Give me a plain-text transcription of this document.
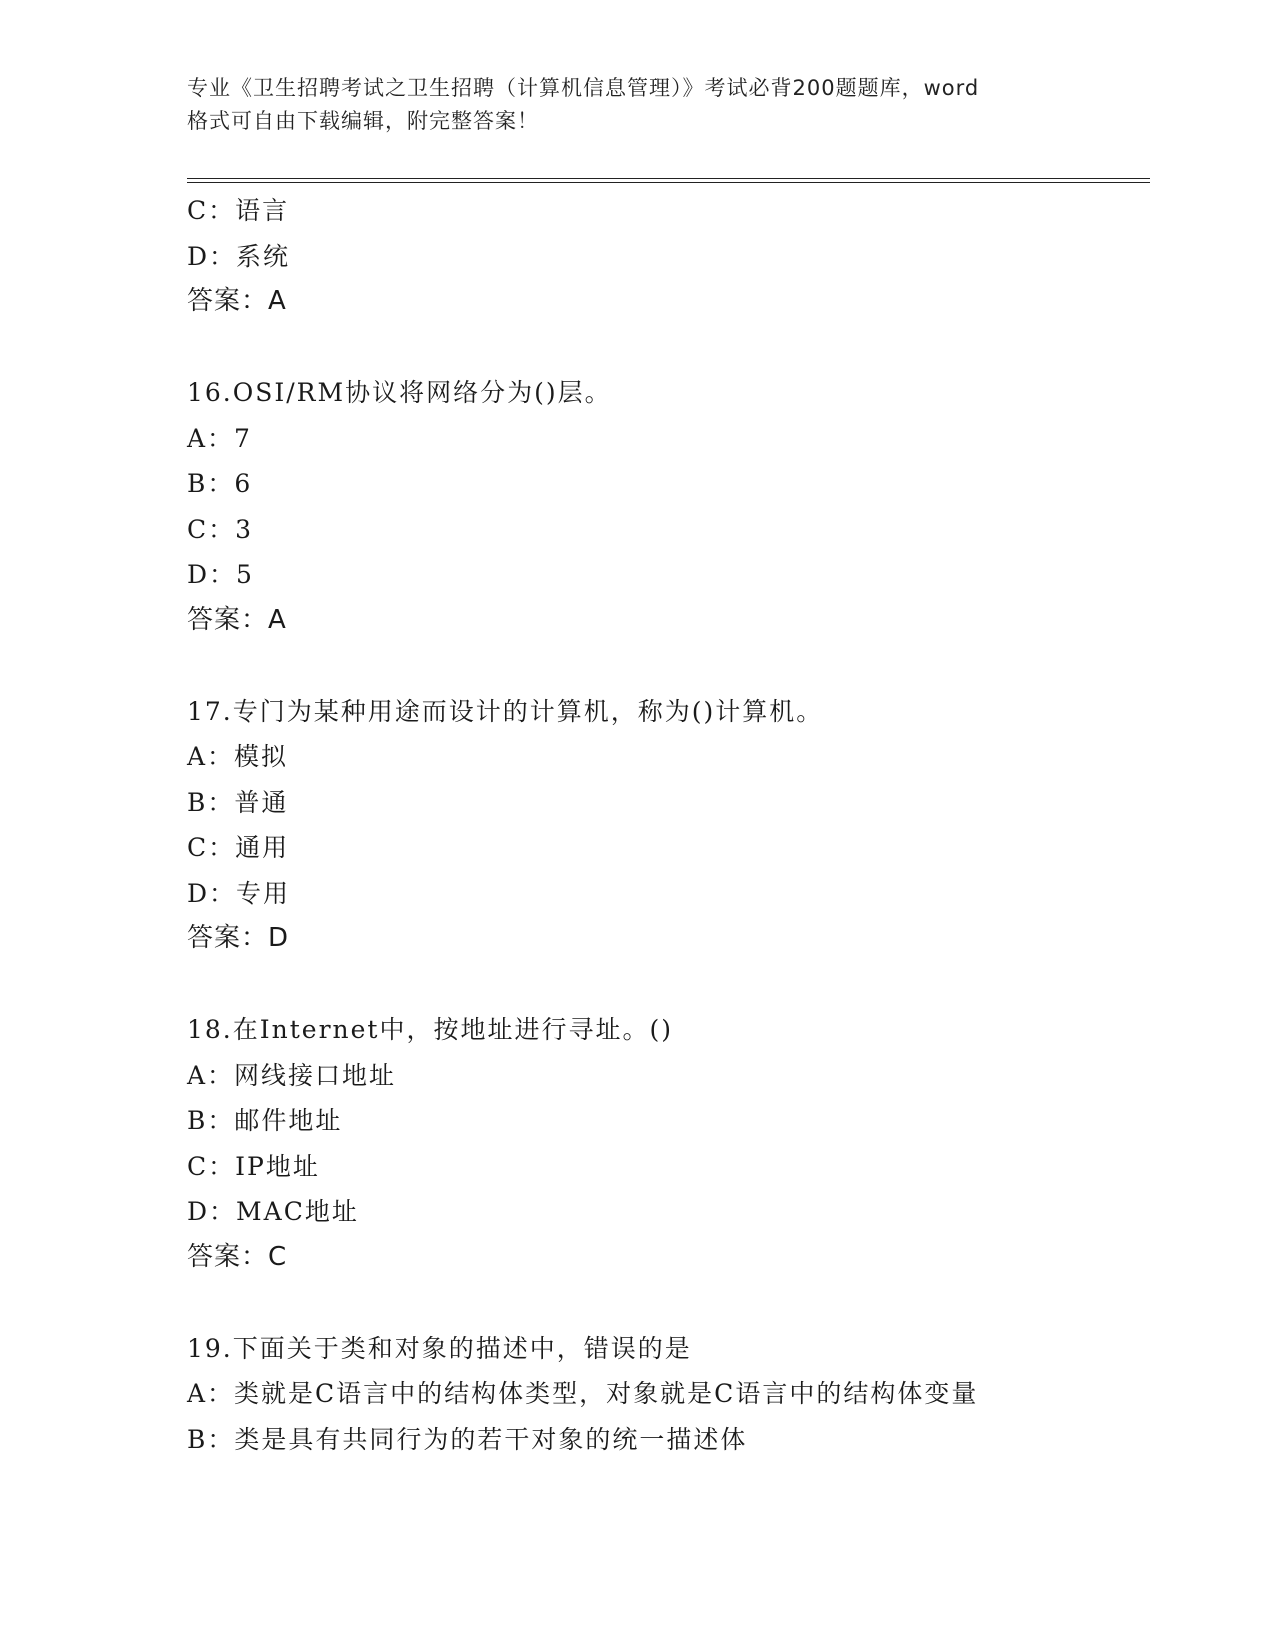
专业《卫生招聘考试之卫生招聘（计算机信息管理）》考试必背200题题库，word
格式可自由下载编辑，附完整答案！
C：语言
D：系统
答案：A
16.OSI/RM协议将网络分为()层。
A：7
B：6
C：3
D：5
答案：A
17.专门为某种用途而设计的计算机，称为()计算机。
A：模拟
B：普通
C：通用
D：专用
答案：D
18.在Internet中，按地址进行寻址。()
A：网线接口地址
B：邮件地址
C：IP地址
D：MAC地址
答案：C
19.下面关于类和对象的描述中，错误的是
A：类就是C语言中的结构体类型，对象就是C语言中的结构体变量
B：类是具有共同行为的若干对象的统一描述体
